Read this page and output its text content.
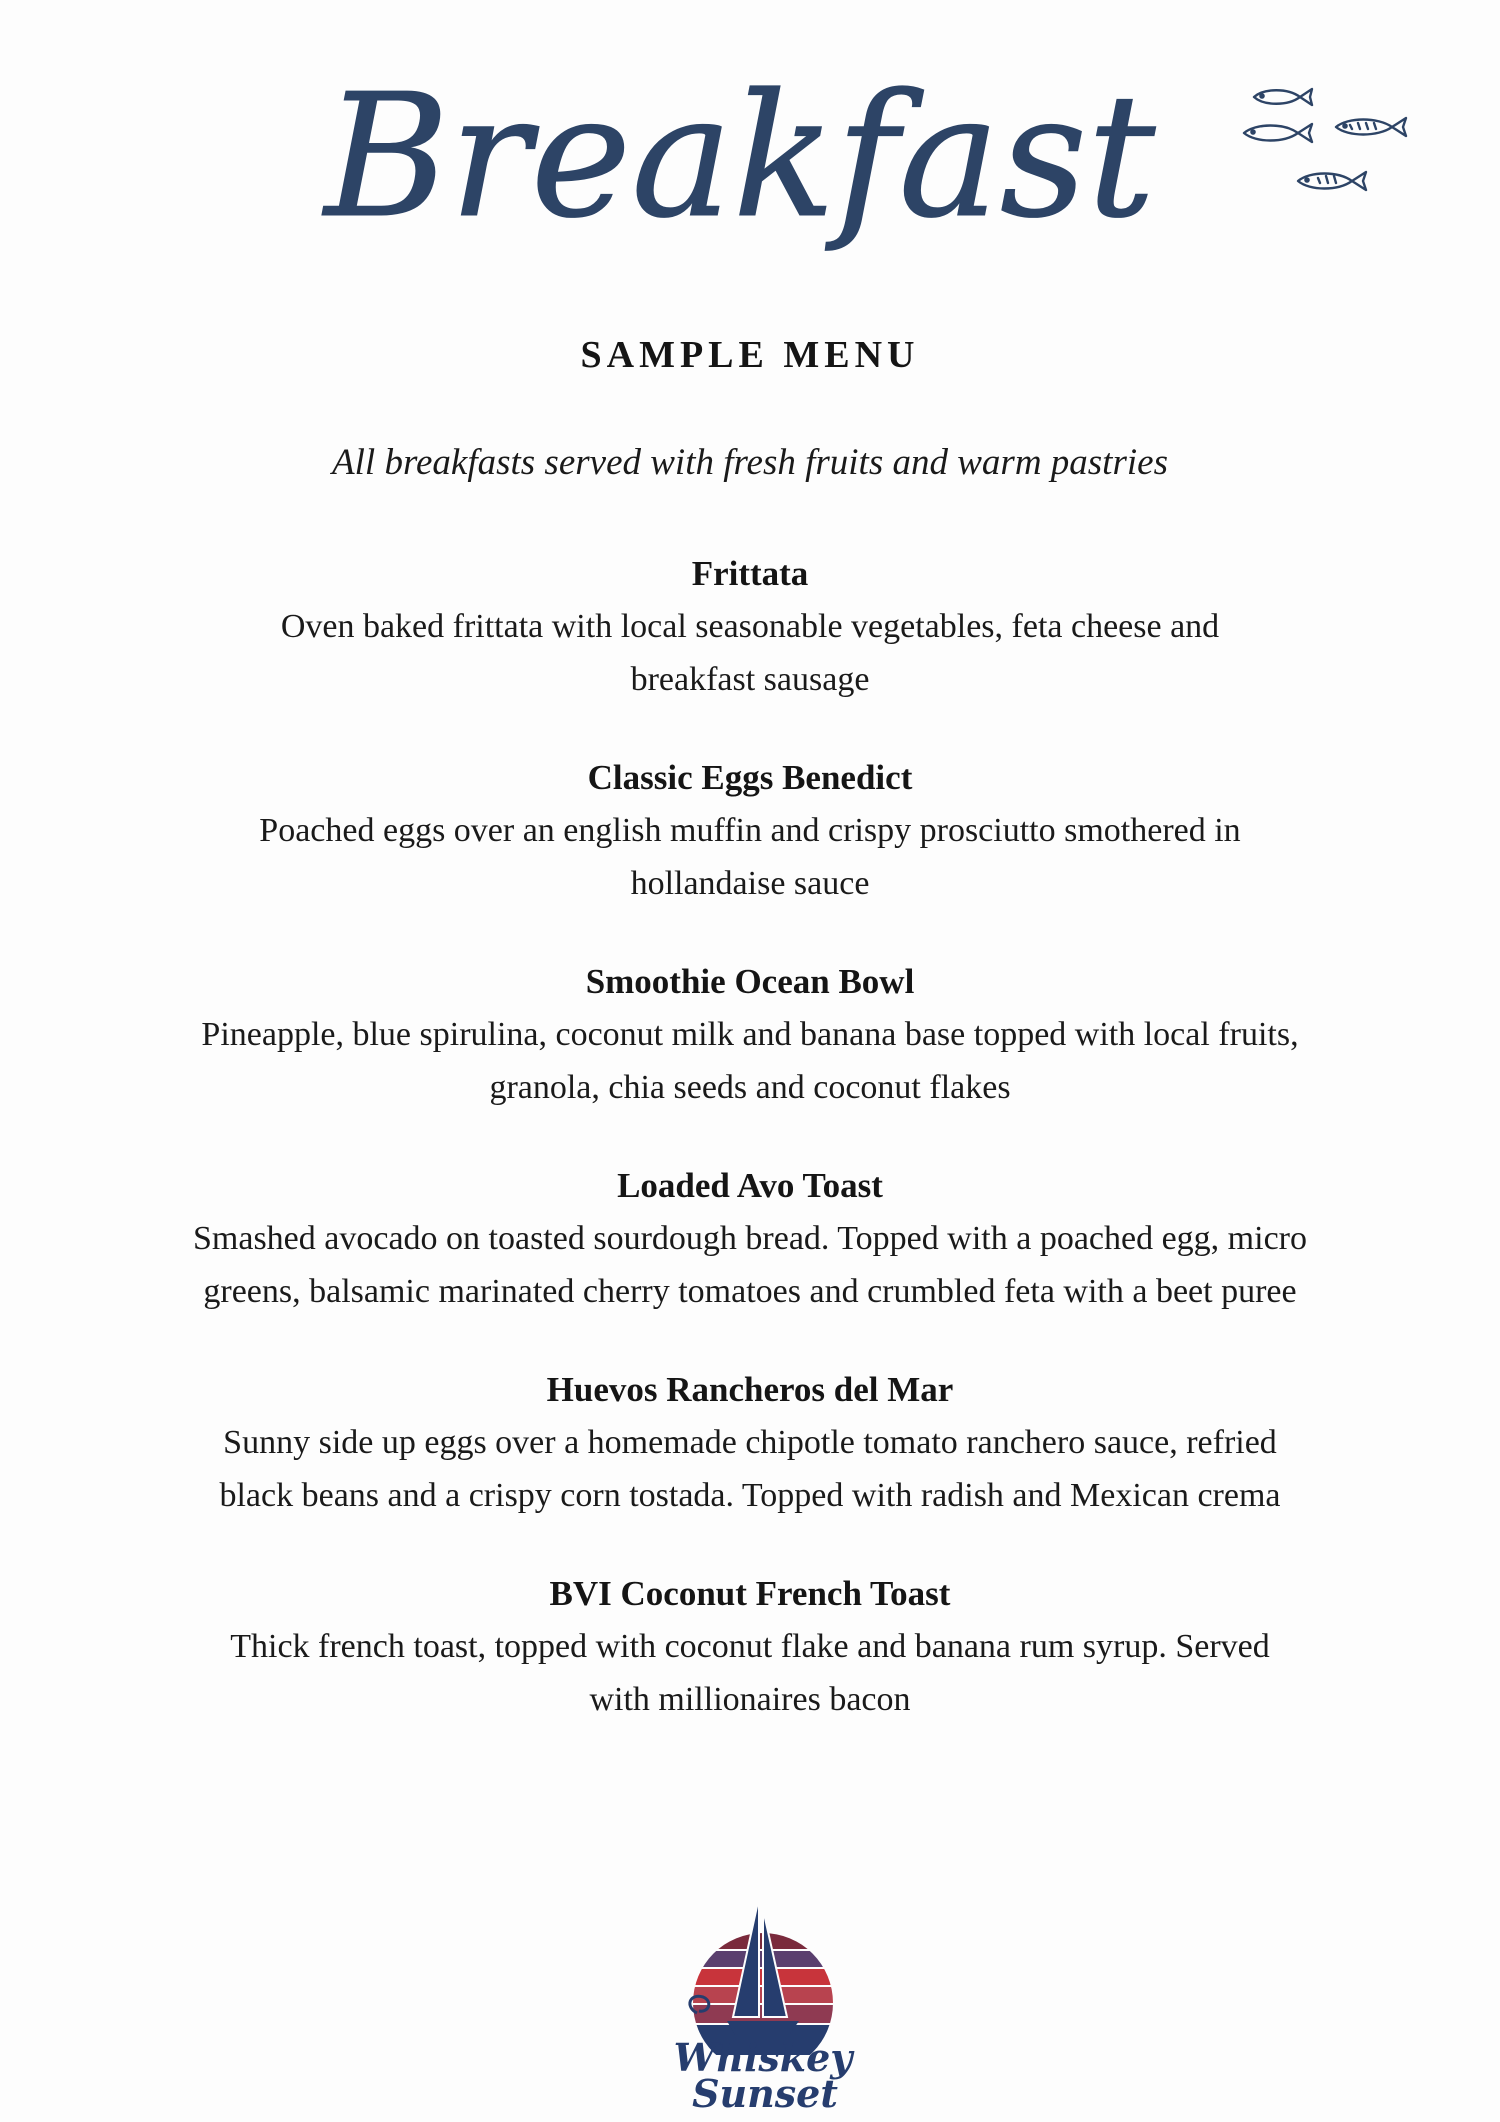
Breakfast
SAMPLE MENU
All breakfasts served with fresh fruits and warm pastries
Frittata
Oven baked frittata with local seasonable vegetables, feta cheese and breakfast sausage
Classic Eggs Benedict
Poached eggs over an english muffin and crispy prosciutto smothered in hollandaise sauce
Smoothie Ocean Bowl
Pineapple, blue spirulina, coconut milk and banana base topped with local fruits, granola, chia seeds and coconut flakes
Loaded Avo Toast
Smashed avocado on toasted sourdough bread. Topped with a poached egg, micro greens, balsamic marinated cherry tomatoes and crumbled feta with a beet puree
Huevos Rancheros del Mar
Sunny side up eggs over a homemade chipotle tomato ranchero sauce, refried black beans and a crispy corn tostada. Topped with radish and Mexican crema
BVI Coconut French Toast
Thick french toast, topped with coconut flake and banana rum syrup. Served with millionaires bacon
Whiskey
Sunset
